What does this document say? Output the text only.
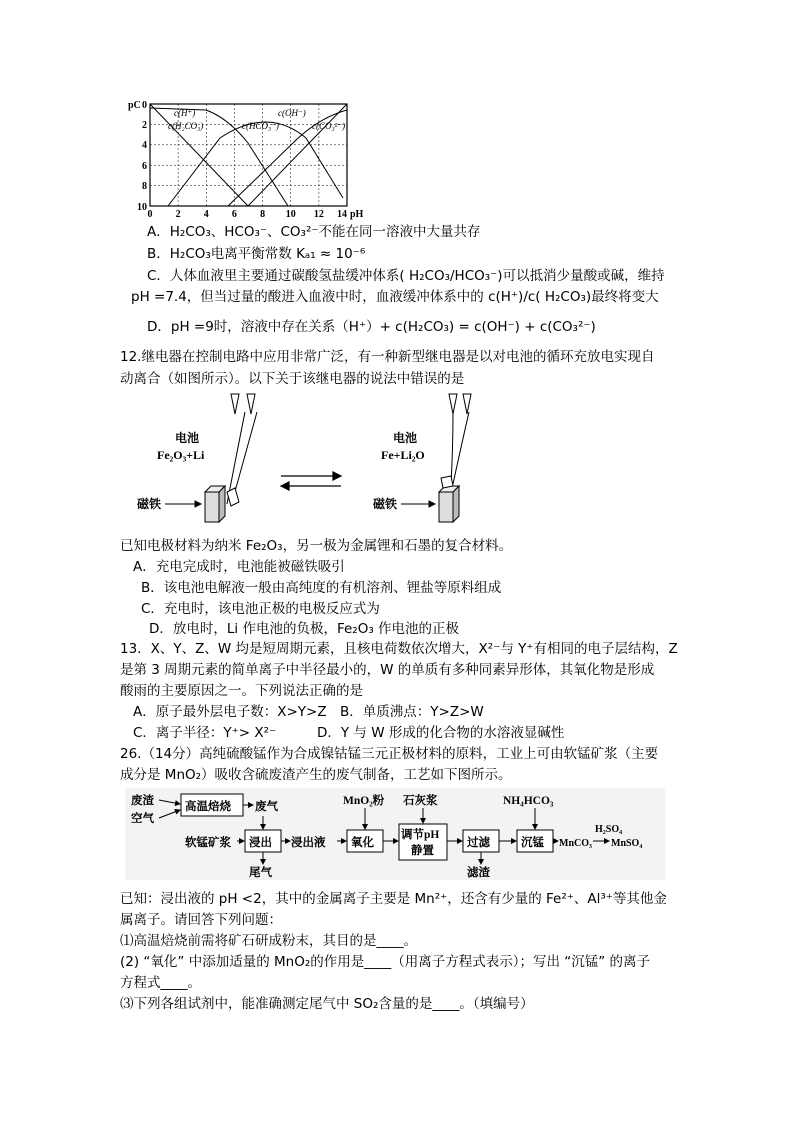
pC 0
2
4
6
8
10
0 2 4 6 8 10 12 14 pH
c(H⁺)	c(OH⁻)
c(H₂CO₃)	c(HCO₃⁻)	c(CO₃²⁻)
A．H₂CO₃、HCO₃⁻、CO₃²⁻不能在同一溶液中大量共存
B．H₂CO₃电离平衡常数 Kₐ₁ ≈ 10⁻⁶
C．人体血液里主要通过碳酸氢盐缓冲体系( H₂CO₃/HCO₃⁻)可以抵消少量酸或碱，维持
pH =7.4，但当过量的酸进入血液中时，血液缓冲体系中的 c(H⁺)/c( H₂CO₃)最终将变大
D．pH =9时，溶液中存在关系（H⁺）+ c(H₂CO₃) = c(OH⁻) + c(CO₃²⁻)
12.继电器在控制电路中应用非常广泛，有一种新型继电器是以对电池的循环充放电实现自
动离合（如图所示）。以下关于该继电器的说法中错误的是
电池
Fe₂O₃+Li
电池
Fe+Li₂O
磁铁	磁铁
已知电极材料为纳米 Fe₂O₃，另一极为金属锂和石墨的复合材料。
A．充电完成时，电池能被磁铁吸引
B．该电池电解液一般由高纯度的有机溶剂、锂盐等原料组成
C．充电时，该电池正极的电极反应式为
D．放电时，Li 作电池的负极，Fe₂O₃ 作电池的正极
13．X、Y、Z、W 均是短周期元素，且核电荷数依次增大，X²⁻与 Y⁺有相同的电子层结构，Z
是第 3 周期元素的简单离子中半径最小的，W 的单质有多种同素异形体，其氧化物是形成
酸雨的主要原因之一。下列说法正确的是
A．原子最外层电子数：X>Y>Z B．单质沸点：Y>Z>W
C．离子半径：Y⁺> X²⁻	D．Y 与 W 形成的化合物的水溶液显碱性
26.（14分）高纯硫酸锰作为合成镍钴锰三元正极材料的原料，工业上可由软锰矿浆（主要
成分是 MnO₂）吸收含硫废渣产生的废气制备，工艺如下图所示。
废渣
空气
高温焙烧 废气
软锰矿浆 浸出
尾气
浸出液
MnO₂粉
氧化
石灰浆
调节pH
静置
过滤
滤渣
NH₄HCO₃
沉锰 MnCO₃
H₂SO₄
MnSO₄
已知：浸出液的 pH <2，其中的金属离子主要是 Mn²⁺，还含有少量的 Fe²⁺、Al³⁺等其他金
属离子。请回答下列问题：
⑴高温焙烧前需将矿石研成粉末，其目的是____。
(2) “氧化” 中添加适量的 MnO₂的作用是____（用离子方程式表示）；写出 “沉锰” 的离子
方程式____。
⑶下列各组试剂中，能准确测定尾气中 SO₂含量的是____。（填编号）
